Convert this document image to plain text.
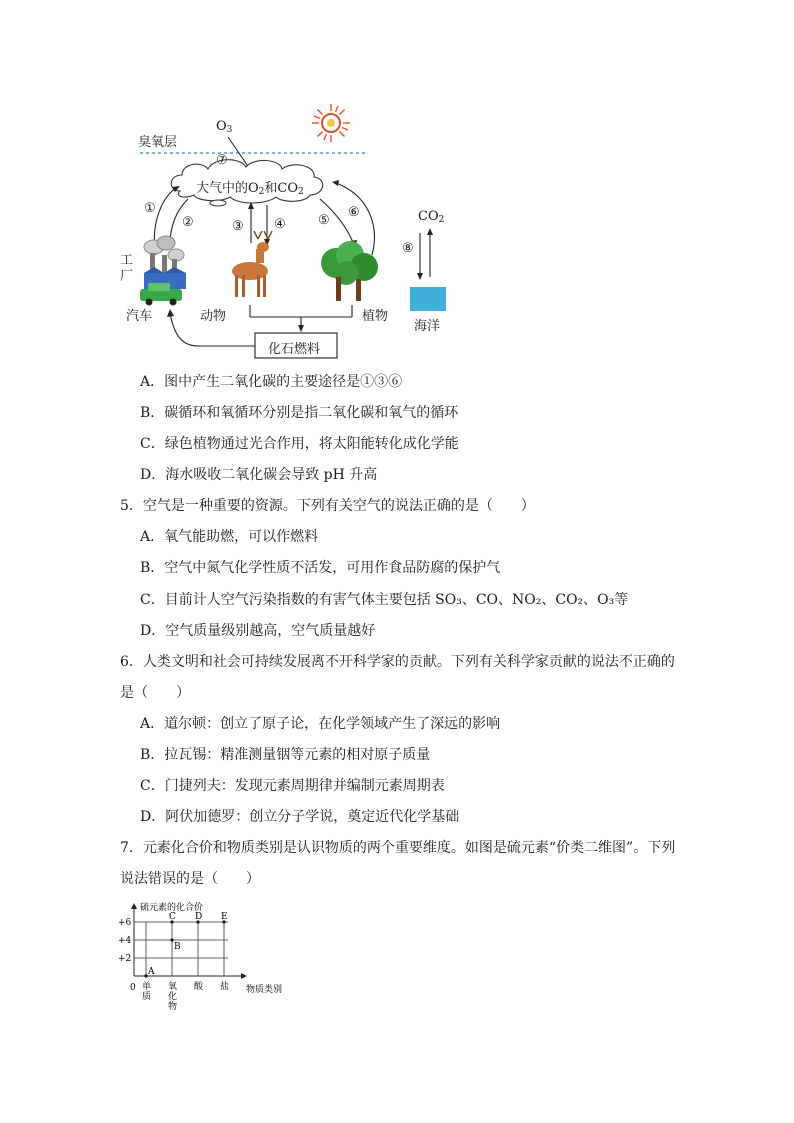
臭氧层
$O_3$
⑦
大气中的$O_2$和$CO_2$
①
②	③ ④ ⑤
⑥
⑧
$CO_2$
工
厂
汽车	动物	植物
海洋
化石燃料
A．图中产生二氧化碳的主要途径是①③⑥
B．碳循环和氧循环分别是指二氧化碳和氧气的循环
C．绿色植物通过光合作用，将太阳能转化成化学能
D．海水吸收二氧化碳会导致 pH 升高
5．空气是一种重要的资源。下列有关空气的说法正确的是（　　）
A．氧气能助燃，可以作燃料
B．空气中氮气化学性质不活发，可用作食品防腐的保护气
C．目前计人空气污染指数的有害气体主要包括 SO₃、CO、NO₂、CO₂、O₃等
D．空气质量级别越高，空气质量越好
6．人类文明和社会可持续发展离不开科学家的贡献。下列有关科学家贡献的说法不正确的
是（　　）
A．道尔顿：创立了原子论，在化学领域产生了深远的影响
B．拉瓦锡：精准测量铟等元素的相对原子质量
C．门捷列夫：发现元素周期律并编制元素周期表
D．阿伏加德罗：创立分子学说，奠定近代化学基础
7．元素化合价和物质类别是认识物质的两个重要维度。如图是硫元素“价类二维图”。下列
说法错误的是（　　）
+6
+4
+2
单
质
氧
化
物
酸 盐
A
B
C D E
硫元素的化合价
物质类别
0
